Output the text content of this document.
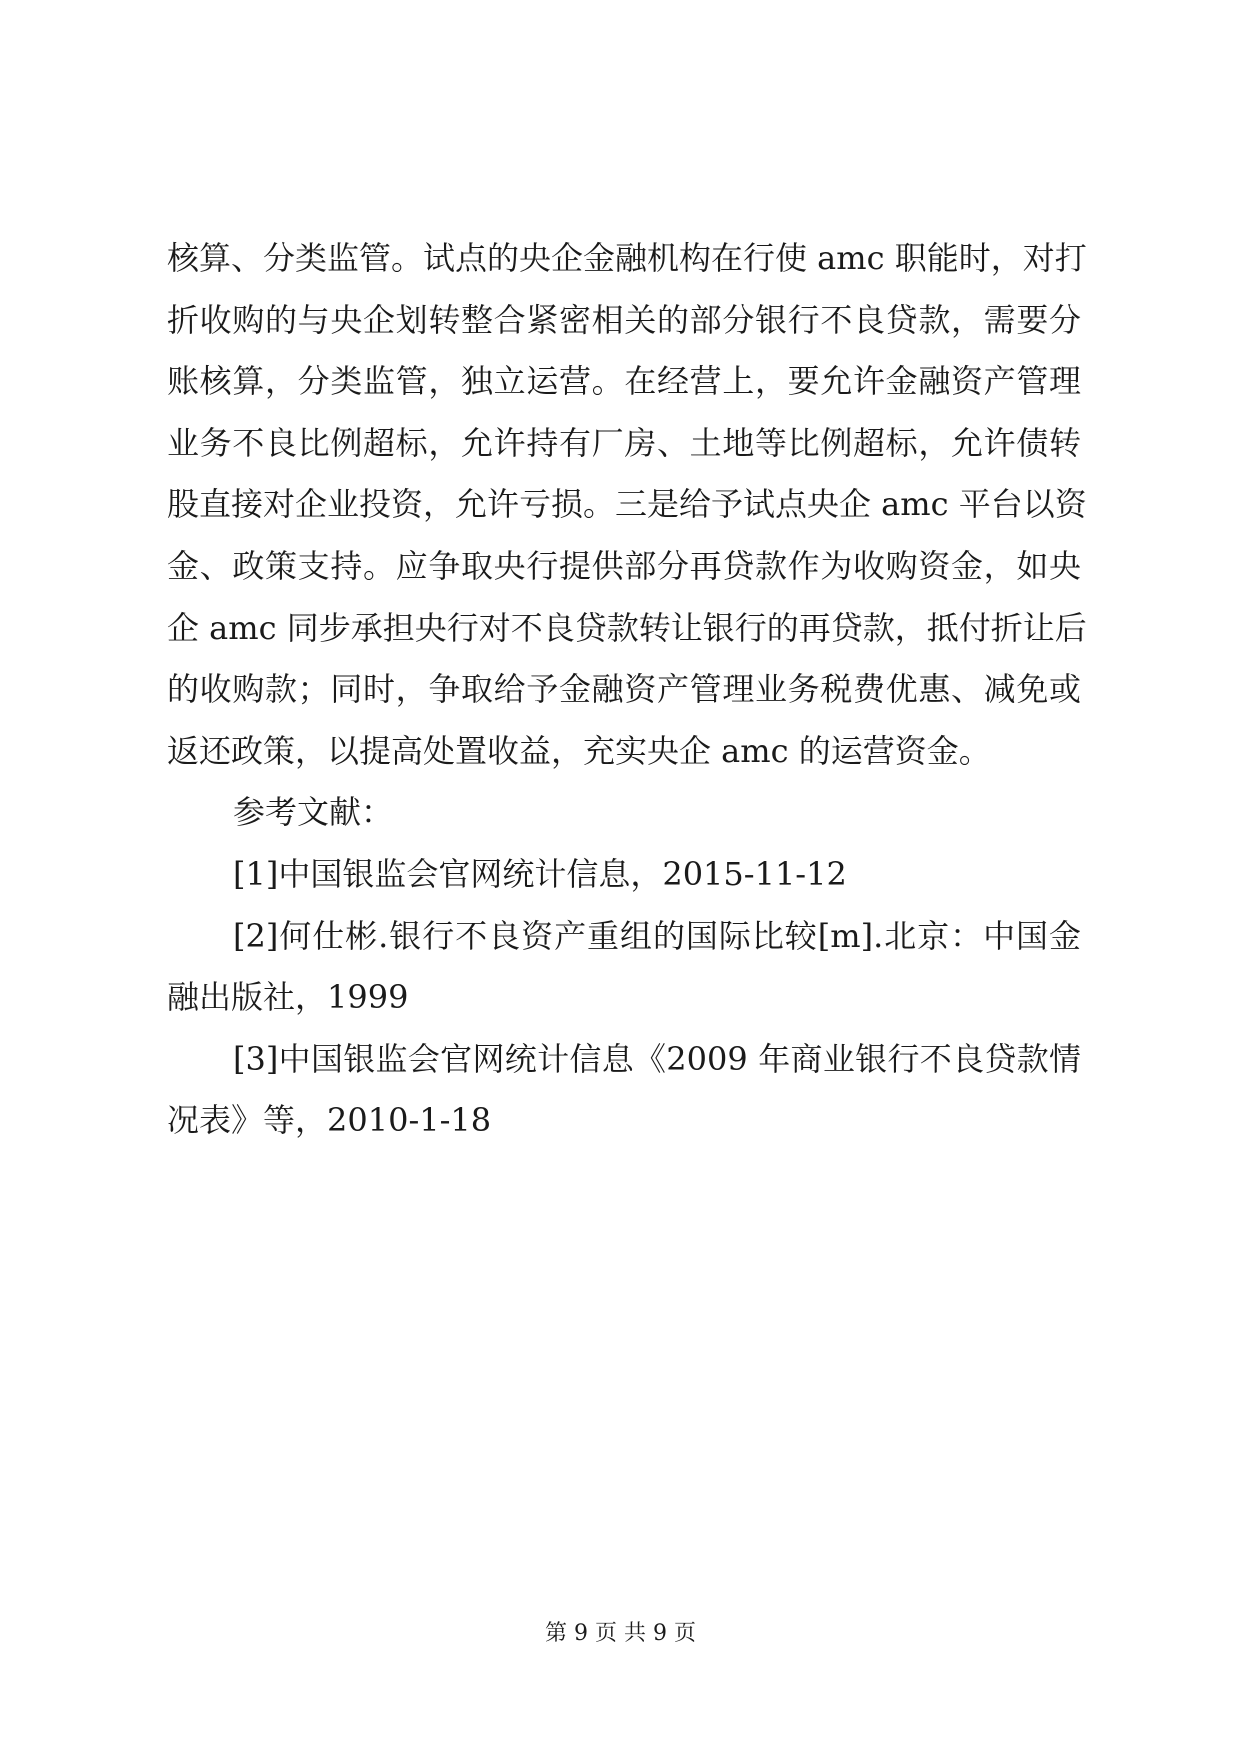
核算、分类监管。试点的央企金融机构在行使 amc 职能时，对打
折收购的与央企划转整合紧密相关的部分银行不良贷款，需要分
账核算，分类监管，独立运营。在经营上，要允许金融资产管理
业务不良比例超标，允许持有厂房、土地等比例超标，允许债转
股直接对企业投资，允许亏损。三是给予试点央企 amc 平台以资
金、政策支持。应争取央行提供部分再贷款作为收购资金，如央
企 amc 同步承担央行对不良贷款转让银行的再贷款，抵付折让后
的收购款；同时，争取给予金融资产管理业务税费优惠、减免或
返还政策，以提高处置收益，充实央企 amc 的运营资金。
参考文献：
[1]中国银监会官网统计信息，2015-11-12
[2]何仕彬.银行不良资产重组的国际比较[m].北京：中国金
融出版社，1999
[3]中国银监会官网统计信息《2009 年商业银行不良贷款情
况表》等，2010-1-18
第 9 页 共 9 页
